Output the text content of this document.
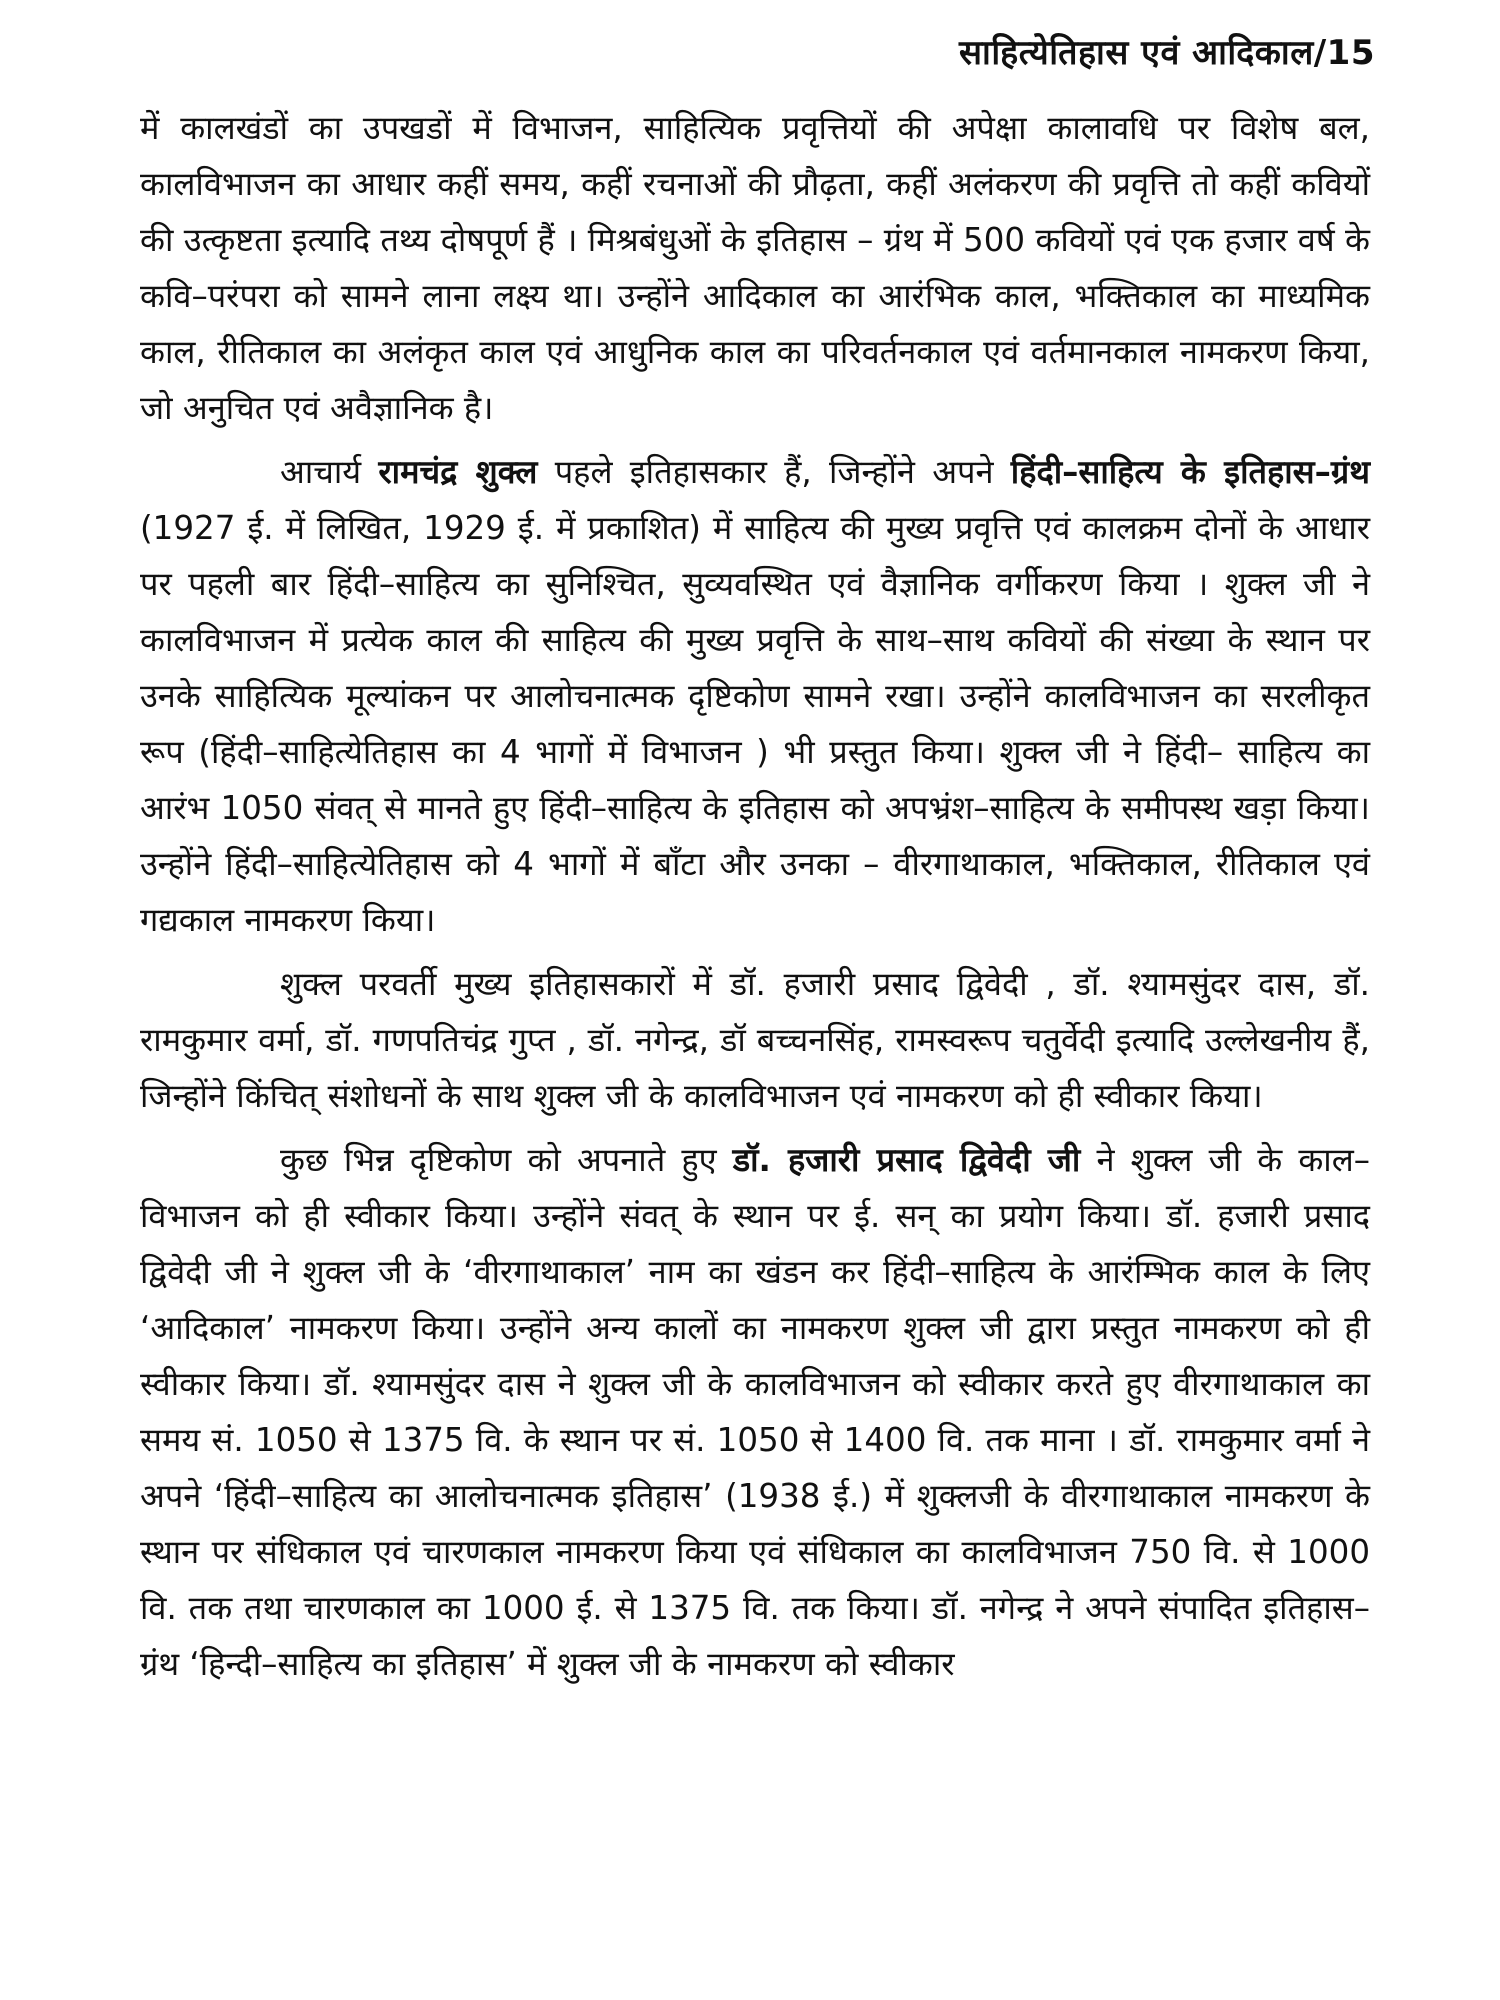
साहित्येतिहास एवं आदिकाल/15

में कालखंडों का उपखडों में विभाजन, साहित्यिक प्रवृत्तियों की अपेक्षा कालावधि पर विशेष बल, कालविभाजन का आधार कहीं समय, कहीं रचनाओं की प्रौढ़ता, कहीं अलंकरण की प्रवृत्ति तो कहीं कवियों की उत्कृष्टता इत्यादि तथ्य दोषपूर्ण हैं । मिश्रबंधुओं के इतिहास – ग्रंथ में 500 कवियों एवं एक हजार वर्ष के कवि–परंपरा को सामने लाना लक्ष्य था। उन्होंने आदिकाल का आरंभिक काल, भक्तिकाल का माध्यमिक काल, रीतिकाल का अलंकृत काल एवं आधुनिक काल का परिवर्तनकाल एवं वर्तमानकाल नामकरण किया, जो अनुचित एवं अवैज्ञानिक है।

आचार्य रामचंद्र शुक्ल पहले इतिहासकार हैं, जिन्होंने अपने हिंदी–साहित्य के इतिहास–ग्रंथ (1927 ई. में लिखित, 1929 ई. में प्रकाशित) में साहित्य की मुख्य प्रवृत्ति एवं कालक्रम दोनों के आधार पर पहली बार हिंदी–साहित्य का सुनिश्चित, सुव्यवस्थित एवं वैज्ञानिक वर्गीकरण किया । शुक्ल जी ने कालविभाजन में प्रत्येक काल की साहित्य की मुख्य प्रवृत्ति के साथ–साथ कवियों की संख्या के स्थान पर उनके साहित्यिक मूल्यांकन पर आलोचनात्मक दृष्टिकोण सामने रखा। उन्होंने कालविभाजन का सरलीकृत रूप (हिंदी–साहित्येतिहास का 4 भागों में विभाजन ) भी प्रस्तुत किया। शुक्ल जी ने हिंदी– साहित्य का आरंभ 1050 संवत् से मानते हुए हिंदी–साहित्य के इतिहास को अपभ्रंश–साहित्य के समीपस्थ खड़ा किया। उन्होंने हिंदी–साहित्येतिहास को 4 भागों में बाँटा और उनका – वीरगाथाकाल, भक्तिकाल, रीतिकाल एवं गद्यकाल नामकरण किया।

शुक्ल परवर्ती मुख्य इतिहासकारों में डॉ. हजारी प्रसाद द्विवेदी , डॉ. श्यामसुंदर दास, डॉ. रामकुमार वर्मा, डॉ. गणपतिचंद्र गुप्त , डॉ. नगेन्द्र, डॉ बच्चनसिंह, रामस्वरूप चतुर्वेदी इत्यादि उल्लेखनीय हैं, जिन्होंने किंचित् संशोधनों के साथ शुक्ल जी के कालविभाजन एवं नामकरण को ही स्वीकार किया।

कुछ भिन्न दृष्टिकोण को अपनाते हुए डॉ. हजारी प्रसाद द्विवेदी जी ने शुक्ल जी के काल– विभाजन को ही स्वीकार किया। उन्होंने संवत् के स्थान पर ई. सन् का प्रयोग किया। डॉ. हजारी प्रसाद द्विवेदी जी ने शुक्ल जी के ‘वीरगाथाकाल’ नाम का खंडन कर हिंदी–साहित्य के आरंम्भिक काल के लिए ‘आदिकाल’ नामकरण किया। उन्होंने अन्य कालों का नामकरण शुक्ल जी द्वारा प्रस्तुत नामकरण को ही स्वीकार किया। डॉ. श्यामसुंदर दास ने शुक्ल जी के कालविभाजन को स्वीकार करते हुए वीरगाथाकाल का समय सं. 1050 से 1375 वि. के स्थान पर सं. 1050 से 1400 वि. तक माना । डॉ. रामकुमार वर्मा ने अपने ‘हिंदी–साहित्य का आलोचनात्मक इतिहास’ (1938 ई.) में शुक्लजी के वीरगाथाकाल नामकरण के स्थान पर संधिकाल एवं चारणकाल नामकरण किया एवं संधिकाल का कालविभाजन 750 वि. से 1000 वि. तक तथा चारणकाल का 1000 ई. से 1375 वि. तक किया। डॉ. नगेन्द्र ने अपने संपादित इतिहास–ग्रंथ ‘हिन्दी–साहित्य का इतिहास’ में शुक्ल जी के नामकरण को स्वीकार
